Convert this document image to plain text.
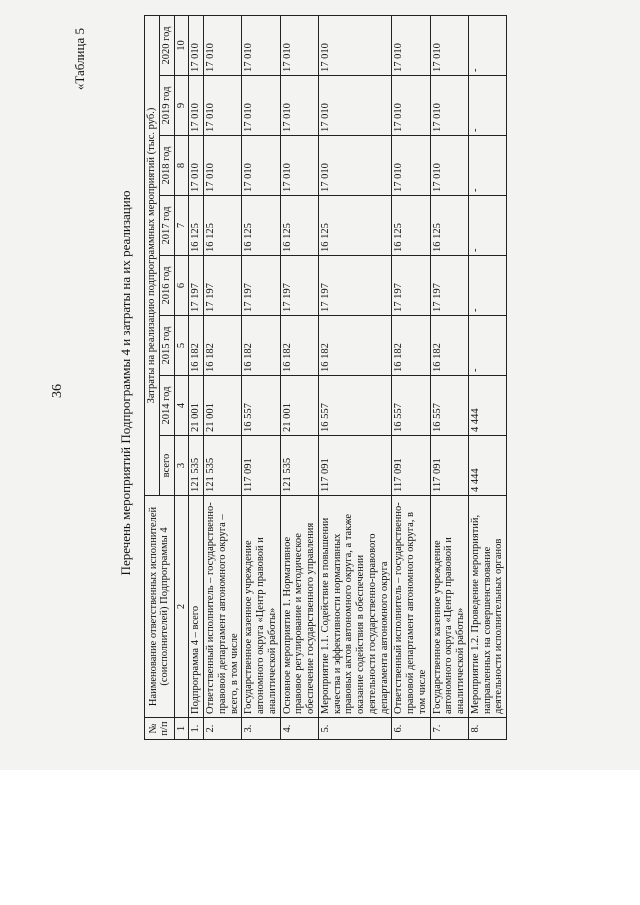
36
«Таблица 5
Перечень мероприятий Подпрограммы 4 и затраты на их реализацию
№
п/п	Наименование ответственных исполнителей (соисполнителей) Подпрограммы 4	Затраты на реализацию подпрограммных мероприятий (тыс. руб.)							
		всего	2014 год	2015 год	2016 год	2017 год	2018 год	2019 год	2020 год
1	2	3	4	5	6	7	8	9	10
1.	Подпрограмма 4 – всего	121 535	21 001	16 182	17 197	16 125	17 010	17 010	17 010
2.	Ответственный исполнитель – государственно-правовой департамент автономного округа – всего, в том числе	121 535	21 001	16 182	17 197	16 125	17 010	17 010	17 010
3.	Государственное казенное учреждение автономного округа «Центр правовой и аналитической работы»	117 091	16 557	16 182	17 197	16 125	17 010	17 010	17 010
4.	Основное мероприятие 1. Нормативное правовое регулирование и методическое обеспечение государственного управления	121 535	21 001	16 182	17 197	16 125	17 010	17 010	17 010
5.	Мероприятие 1.1. Содействие в повышении качества и эффективности нормативных правовых актов автономного округа, а также оказание содействия в обеспечении деятельности государственно-правового департамента автономного округа	117 091	16 557	16 182	17 197	16 125	17 010	17 010	17 010
6.	Ответственный исполнитель – государственно-правовой департамент автономного округа, в том числе	117 091	16 557	16 182	17 197	16 125	17 010	17 010	17 010
7.	Государственное казенное учреждение автономного округа «Центр правовой и аналитической работы»	117 091	16 557	16 182	17 197	16 125	17 010	17 010	17 010
8.	Мероприятие 1.2. Проведение мероприятий, направленных на совершенствование деятельности исполнительных органов	4 444	4 444	-	-	-	-	-	-
